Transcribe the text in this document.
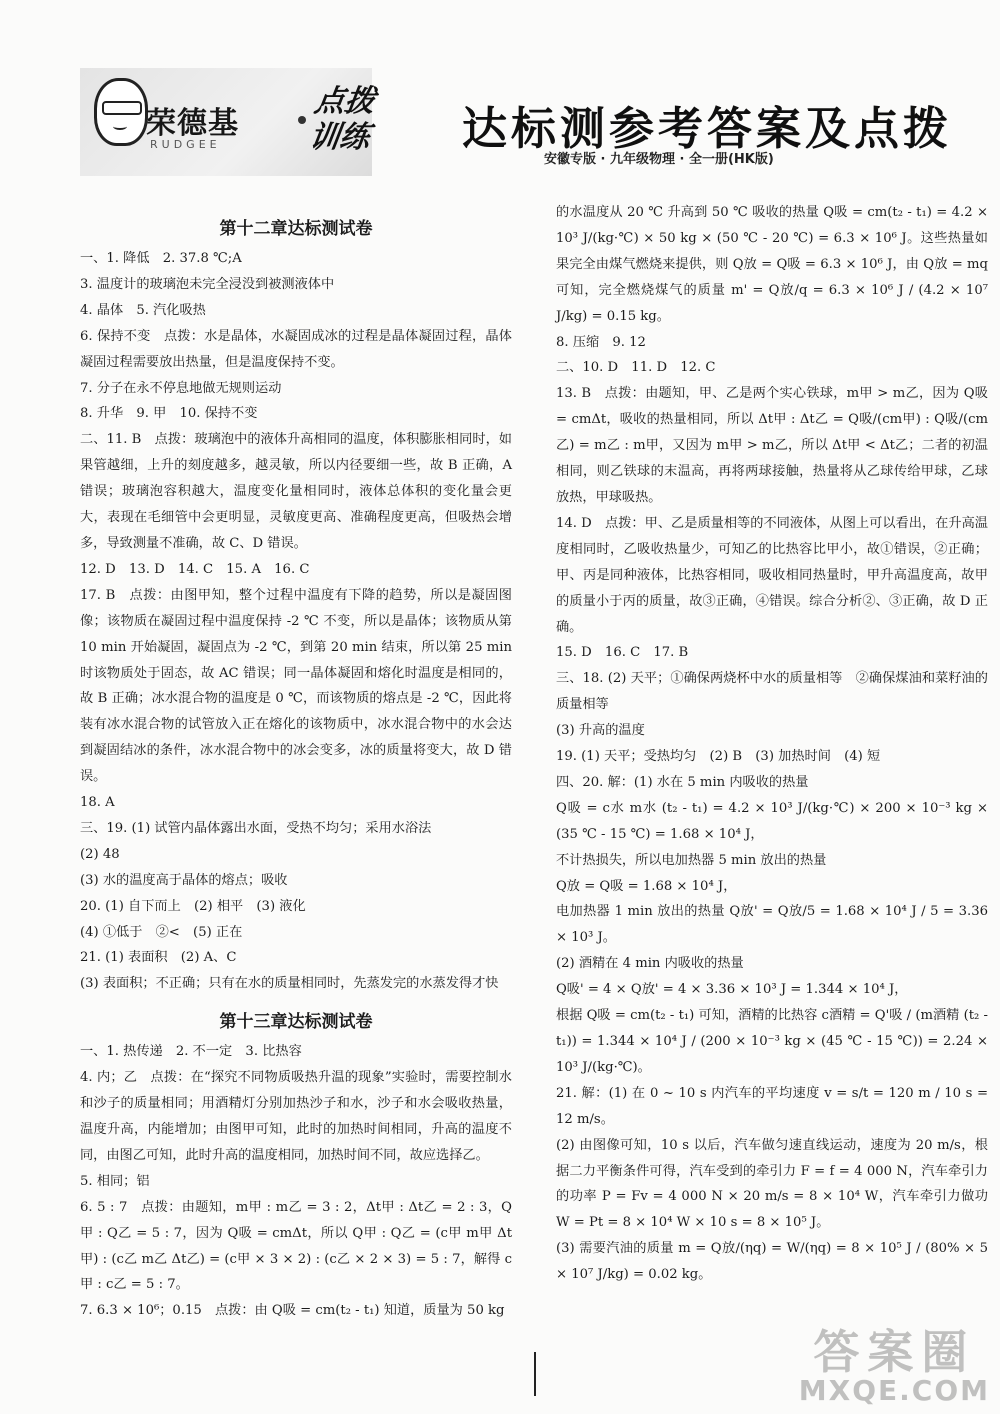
荣德基
RUDGEE
点拨训练	达标测参考答案及点拨
安徽专版 · 九年级物理 · 全一册(HK版)
第十二章达标测试卷

一、1. 降低　2. 37.8 ℃;A

3. 温度计的玻璃泡未完全浸没到被测液体中

4. 晶体　5. 汽化吸热

6. 保持不变　点拨：水是晶体，水凝固成冰的过程是晶体凝固过程，晶体凝固过程需要放出热量，但是温度保持不变。

7. 分子在永不停息地做无规则运动

8. 升华　9. 甲　10. 保持不变

二、11. B　点拨：玻璃泡中的液体升高相同的温度，体积膨胀相同时，如果管越细，上升的刻度越多，越灵敏，所以内径要细一些，故 B 正确，A 错误；玻璃泡容积越大，温度变化量相同时，液体总体积的变化量会更大，表现在毛细管中会更明显，灵敏度更高、准确程度更高，但吸热会增多，导致测量不准确，故 C、D 错误。

12. D　13. D　14. C　15. A　16. C

17. B　点拨：由图甲知，整个过程中温度有下降的趋势，所以是凝固图像；该物质在凝固过程中温度保持 -2 ℃ 不变，所以是晶体；该物质从第 10 min 开始凝固，凝固点为 -2 ℃，到第 20 min 结束，所以第 25 min 时该物质处于固态，故 AC 错误；同一晶体凝固和熔化时温度是相同的，故 B 正确；冰水混合物的温度是 0 ℃，而该物质的熔点是 -2 ℃，因此将装有冰水混合物的试管放入正在熔化的该物质中，冰水混合物中的水会达到凝固结冰的条件，冰水混合物中的冰会变多，冰的质量将变大，故 D 错误。

18. A

三、19. (1) 试管内晶体露出水面，受热不均匀；采用水浴法

(2) 48

(3) 水的温度高于晶体的熔点；吸收

20. (1) 自下而上　(2) 相平　(3) 液化

(4) ①低于　②<　(5) 正在

21. (1) 表面积　(2) A、C

(3) 表面积；不正确；只有在水的质量相同时，先蒸发完的水蒸发得才快

第十三章达标测试卷

一、1. 热传递　2. 不一定　3. 比热容

4. 内；乙　点拨：在“探究不同物质吸热升温的现象”实验时，需要控制水和沙子的质量相同；用酒精灯分别加热沙子和水，沙子和水会吸收热量，温度升高，内能增加；由图甲可知，此时的加热时间相同，升高的温度不同，由图乙可知，此时升高的温度相同，加热时间不同，故应选择乙。

5. 相同；铝

6. 5 : 7　点拨：由题知，m甲 : m乙 = 3 : 2，Δt甲 : Δt乙 = 2 : 3，Q甲 : Q乙 = 5 : 7，因为 Q吸 = cmΔt，所以 Q甲 : Q乙 = (c甲 m甲 Δt甲) : (c乙 m乙 Δt乙) = (c甲 × 3 × 2) : (c乙 × 2 × 3) = 5 : 7，解得 c甲 : c乙 = 5 : 7。

7. 6.3 × 10⁶；0.15　点拨：由 Q吸 = cm(t₂ - t₁) 知道，质量为 50 kg

的水温度从 20 ℃ 升高到 50 ℃ 吸收的热量 Q吸 = cm(t₂ - t₁) = 4.2 × 10³ J/(kg·℃) × 50 kg × (50 ℃ - 20 ℃) = 6.3 × 10⁶ J。这些热量如果完全由煤气燃烧来提供，则 Q放 = Q吸 = 6.3 × 10⁶ J，由 Q放 = mq 可知，完全燃烧煤气的质量 m' = Q放/q = 6.3 × 10⁶ J / (4.2 × 10⁷ J/kg) = 0.15 kg。

8. 压缩　9. 12

二、10. D　11. D　12. C

13. B　点拨：由题知，甲、乙是两个实心铁球，m甲 > m乙，因为 Q吸 = cmΔt，吸收的热量相同，所以 Δt甲 : Δt乙 = Q吸/(cm甲) : Q吸/(cm乙) = m乙 : m甲，又因为 m甲 > m乙，所以 Δt甲 < Δt乙；二者的初温相同，则乙铁球的末温高，再将两球接触，热量将从乙球传给甲球，乙球放热，甲球吸热。

14. D　点拨：甲、乙是质量相等的不同液体，从图上可以看出，在升高温度相同时，乙吸收热量少，可知乙的比热容比甲小，故①错误，②正确；甲、丙是同种液体，比热容相同，吸收相同热量时，甲升高温度高，故甲的质量小于丙的质量，故③正确，④错误。综合分析②、③正确，故 D 正确。

15. D　16. C　17. B

三、18. (2) 天平；①确保两烧杯中水的质量相等　②确保煤油和菜籽油的质量相等

(3) 升高的温度

19. (1) 天平；受热均匀　(2) B　(3) 加热时间　(4) 短

四、20. 解：(1) 水在 5 min 内吸收的热量

Q吸 = c水 m水 (t₂ - t₁) = 4.2 × 10³ J/(kg·℃) × 200 × 10⁻³ kg × (35 ℃ - 15 ℃) = 1.68 × 10⁴ J，

不计热损失，所以电加热器 5 min 放出的热量

Q放 = Q吸 = 1.68 × 10⁴ J，

电加热器 1 min 放出的热量 Q放' = Q放/5 = 1.68 × 10⁴ J / 5 = 3.36 × 10³ J。

(2) 酒精在 4 min 内吸收的热量

Q吸' = 4 × Q放' = 4 × 3.36 × 10³ J = 1.344 × 10⁴ J，

根据 Q吸 = cm(t₂ - t₁) 可知，酒精的比热容 c酒精 = Q'吸 / (m酒精 (t₂ - t₁)) = 1.344 × 10⁴ J / (200 × 10⁻³ kg × (45 ℃ - 15 ℃)) = 2.24 × 10³ J/(kg·℃)。

21. 解：(1) 在 0 ~ 10 s 内汽车的平均速度 v = s/t = 120 m / 10 s = 12 m/s。

(2) 由图像可知，10 s 以后，汽车做匀速直线运动，速度为 20 m/s，根据二力平衡条件可得，汽车受到的牵引力 F = f = 4 000 N，汽车牵引力的功率 P = Fv = 4 000 N × 20 m/s = 8 × 10⁴ W，汽车牵引力做功 W = Pt = 8 × 10⁴ W × 10 s = 8 × 10⁵ J。

(3) 需要汽油的质量 m = Q放/(ηq) = W/(ηq) = 8 × 10⁵ J / (80% × 5 × 10⁷ J/kg) = 0.02 kg。

答案圈
MXQE.COM
